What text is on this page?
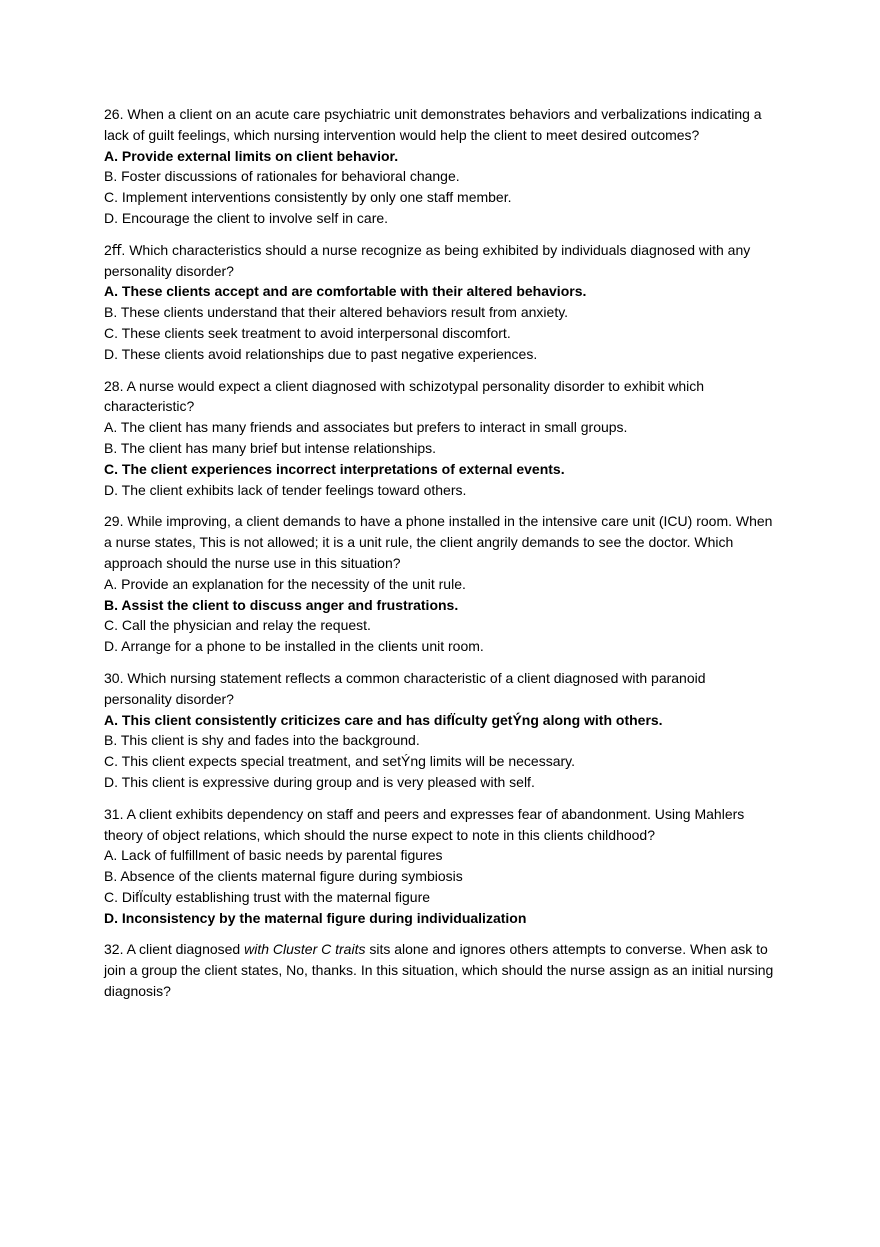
26. When a client on an acute care psychiatric unit demonstrates behaviors and verbalizations indicating a lack of guilt feelings, which nursing intervention would help the client to meet desired outcomes?
A. Provide external limits on client behavior.
B. Foster discussions of rationales for behavioral change.
C. Implement interventions consistently by only one staff member.
D. Encourage the client to involve self in care.
2ﬀ. Which characteristics should a nurse recognize as being exhibited by individuals diagnosed with any personality disorder?
A. These clients accept and are comfortable with their altered behaviors.
B. These clients understand that their altered behaviors result from anxiety.
C. These clients seek treatment to avoid interpersonal discomfort.
D. These clients avoid relationships due to past negative experiences.
28. A nurse would expect a client diagnosed with schizotypal personality disorder to exhibit which characteristic?
A. The client has many friends and associates but prefers to interact in small groups.
B. The client has many brief but intense relationships.
C. The client experiences incorrect interpretations of external events.
D. The client exhibits lack of tender feelings toward others.
29. While improving, a client demands to have a phone installed in the intensive care unit (ICU) room. When a nurse states, This is not allowed; it is a unit rule, the client angrily demands to see the doctor. Which approach should the nurse use in this situation?
A. Provide an explanation for the necessity of the unit rule.
B. Assist the client to discuss anger and frustrations.
C. Call the physician and relay the request.
D. Arrange for a phone to be installed in the clients unit room.
30. Which nursing statement reflects a common characteristic of a client diagnosed with paranoid personality disorder?
A. This client consistently criticizes care and has difÏculty getÝng along with others.
B. This client is shy and fades into the background.
C. This client expects special treatment, and setÝng limits will be necessary.
D. This client is expressive during group and is very pleased with self.
31. A client exhibits dependency on staff and peers and expresses fear of abandonment. Using Mahlers theory of object relations, which should the nurse expect to note in this clients childhood?
A. Lack of fulfillment of basic needs by parental figures
B. Absence of the clients maternal figure during symbiosis
C. DifÏculty establishing trust with the maternal figure
D. Inconsistency by the maternal figure during individualization
32. A client diagnosed with Cluster C traits sits alone and ignores others attempts to converse. When ask to join a group the client states, No, thanks. In this situation, which should the nurse assign as an initial nursing diagnosis?
